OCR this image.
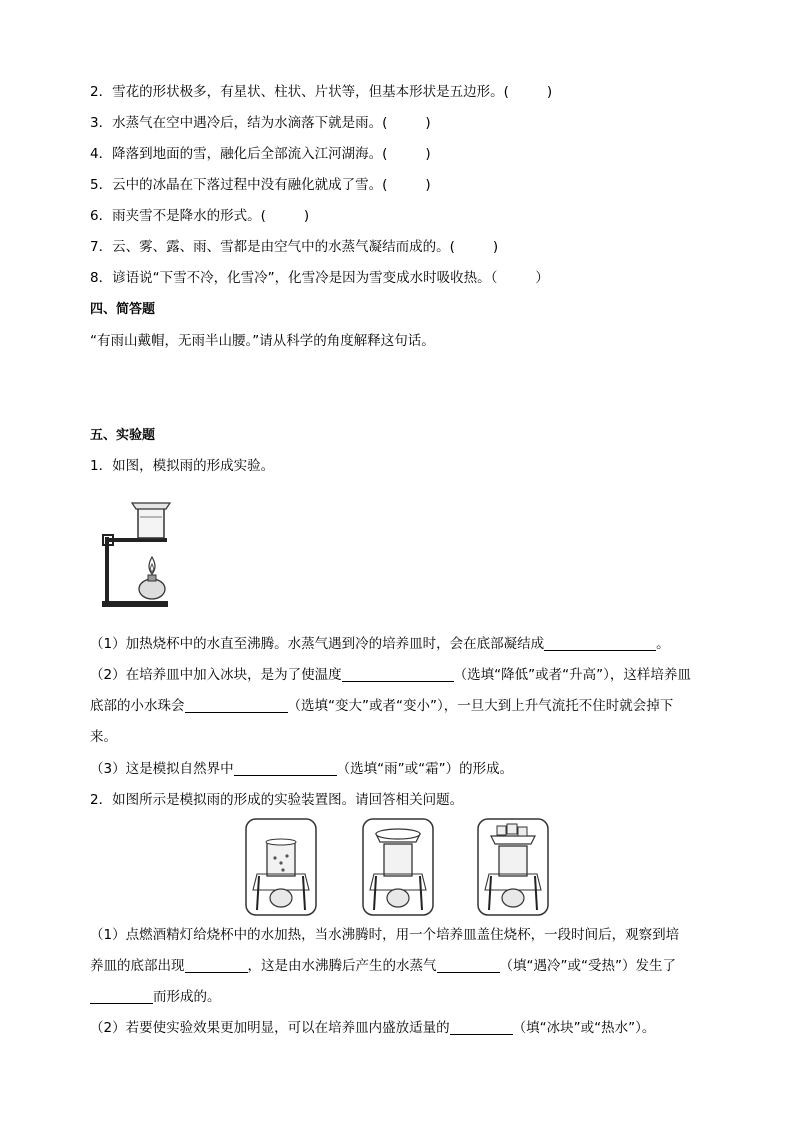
2．雪花的形状极多，有星状、柱状、片状等，但基本形状是五边形。(	)
3．水蒸气在空中遇冷后，结为水滴落下就是雨。(	)
4．降落到地面的雪，融化后全部流入江河湖海。(	)
5．云中的冰晶在下落过程中没有融化就成了雪。(	)
6．雨夹雪不是降水的形式。(	)
7．云、雾、露、雨、雪都是由空气中的水蒸气凝结而成的。(	)
8．谚语说“下雪不冷，化雪冷”，化雪冷是因为雪变成水时吸收热。（	）
四、简答题
“有雨山戴帽，无雨半山腰。”请从科学的角度解释这句话。
五、实验题
1．如图，模拟雨的形成实验。
（1）加热烧杯中的水直至沸腾。水蒸气遇到冷的培养皿时，会在底部凝结成	。
（2）在培养皿中加入冰块，是为了使温度	（选填“降低”或者“升高”），这样培养皿
底部的小水珠会	（选填“变大”或者“变小”），一旦大到上升气流托不住时就会掉下
来。
（3）这是模拟自然界中	（选填“雨”或“霜”）的形成。
2．如图所示是模拟雨的形成的实验装置图。请回答相关问题。
（1）点燃酒精灯给烧杯中的水加热，当水沸腾时，用一个培养皿盖住烧杯，一段时间后，观察到培
养皿的底部出现	，这是由水沸腾后产生的水蒸气	（填“遇冷”或“受热”）发生了
而形成的。
（2）若要使实验效果更加明显，可以在培养皿内盛放适量的	（填“冰块”或“热水”）。
